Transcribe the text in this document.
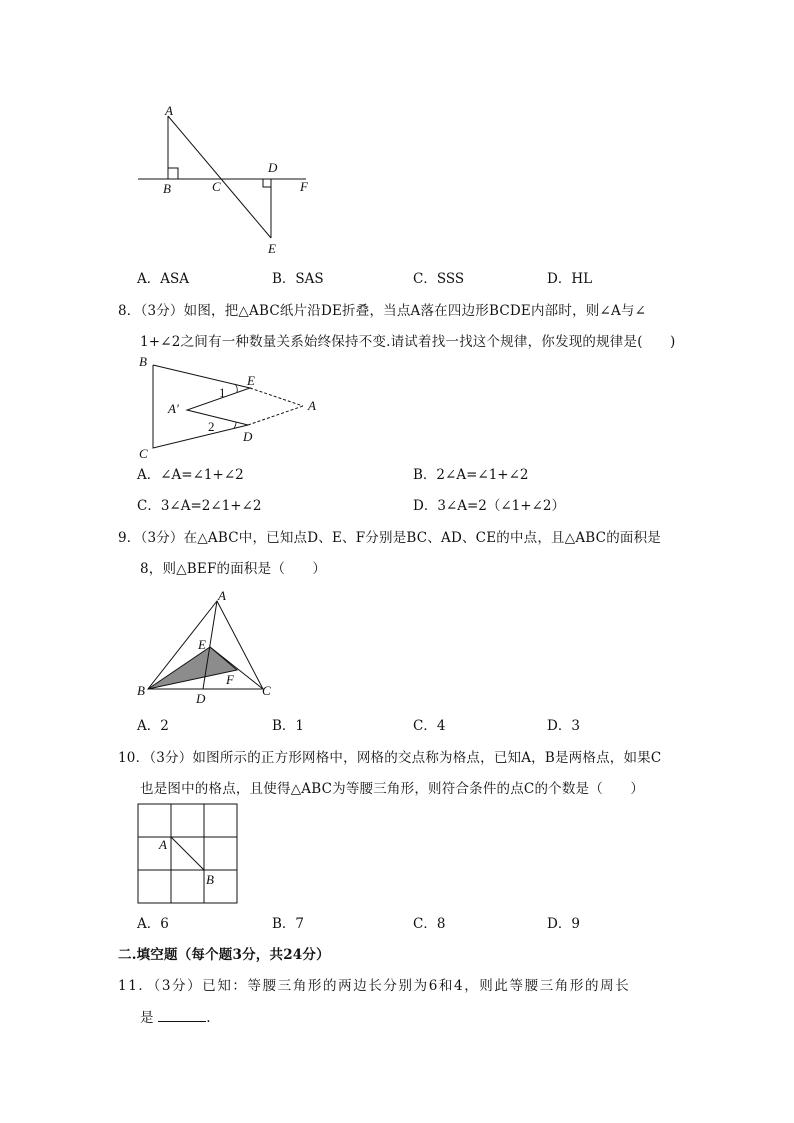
A
B	C
D
F
E
A．ASA	B．SAS	C．SSS	D．HL
8．（3分）如图，把△ABC纸片沿DE折叠，当点A落在四边形BCDE内部时，则∠A与∠
1+∠2之间有一种数量关系始终保持不变.请试着找一找这个规律，你发现的规律是(　　)
B
C
E
D
A
A′
1
2
A．∠A=∠1+∠2	B．2∠A=∠1+∠2
C．3∠A=2∠1+∠2	D．3∠A=2（∠1+∠2）
9．（3分）在△ABC中，已知点D、E、F分别是BC、AD、CE的中点，且△ABC的面积是
8，则△BEF的面积是（　　）
A
B	C
D
E
F
A．2	B．1	C．4	D．3
10．（3分）如图所示的正方形网格中，网格的交点称为格点，已知A，B是两格点，如果C
也是图中的格点，且使得△ABC为等腰三角形，则符合条件的点C的个数是（　　）
A
B
A．6	B．7	C．8	D．9
二.填空题（每个题3分，共24分）
11．（3分）已知：等腰三角形的两边长分别为6和4，则此等腰三角形的周长
是	.
